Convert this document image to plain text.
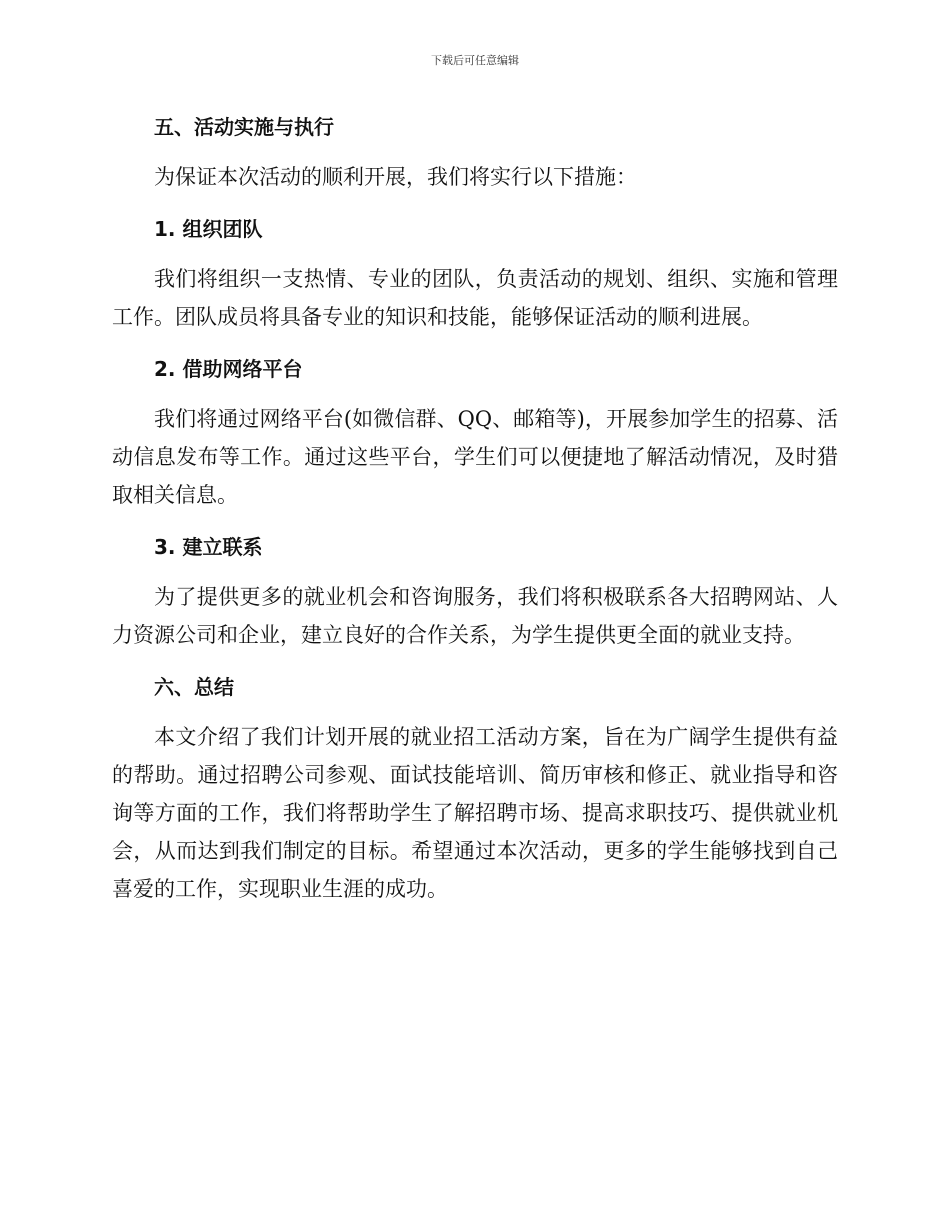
下载后可任意编辑
五、活动实施与执行

为保证本次活动的顺利开展，我们将实行以下措施：

1. 组织团队

我们将组织一支热情、专业的团队，负责活动的规划、组织、实施和管理工作。团队成员将具备专业的知识和技能，能够保证活动的顺利进展。

2. 借助网络平台

我们将通过网络平台(如微信群、QQ、邮箱等)，开展参加学生的招募、活动信息发布等工作。通过这些平台，学生们可以便捷地了解活动情况，及时猎取相关信息。

3. 建立联系

为了提供更多的就业机会和咨询服务，我们将积极联系各大招聘网站、人力资源公司和企业，建立良好的合作关系，为学生提供更全面的就业支持。

六、总结

本文介绍了我们计划开展的就业招工活动方案，旨在为广阔学生提供有益的帮助。通过招聘公司参观、面试技能培训、简历审核和修正、就业指导和咨询等方面的工作，我们将帮助学生了解招聘市场、提高求职技巧、提供就业机会，从而达到我们制定的目标。希望通过本次活动，更多的学生能够找到自己喜爱的工作，实现职业生涯的成功。
